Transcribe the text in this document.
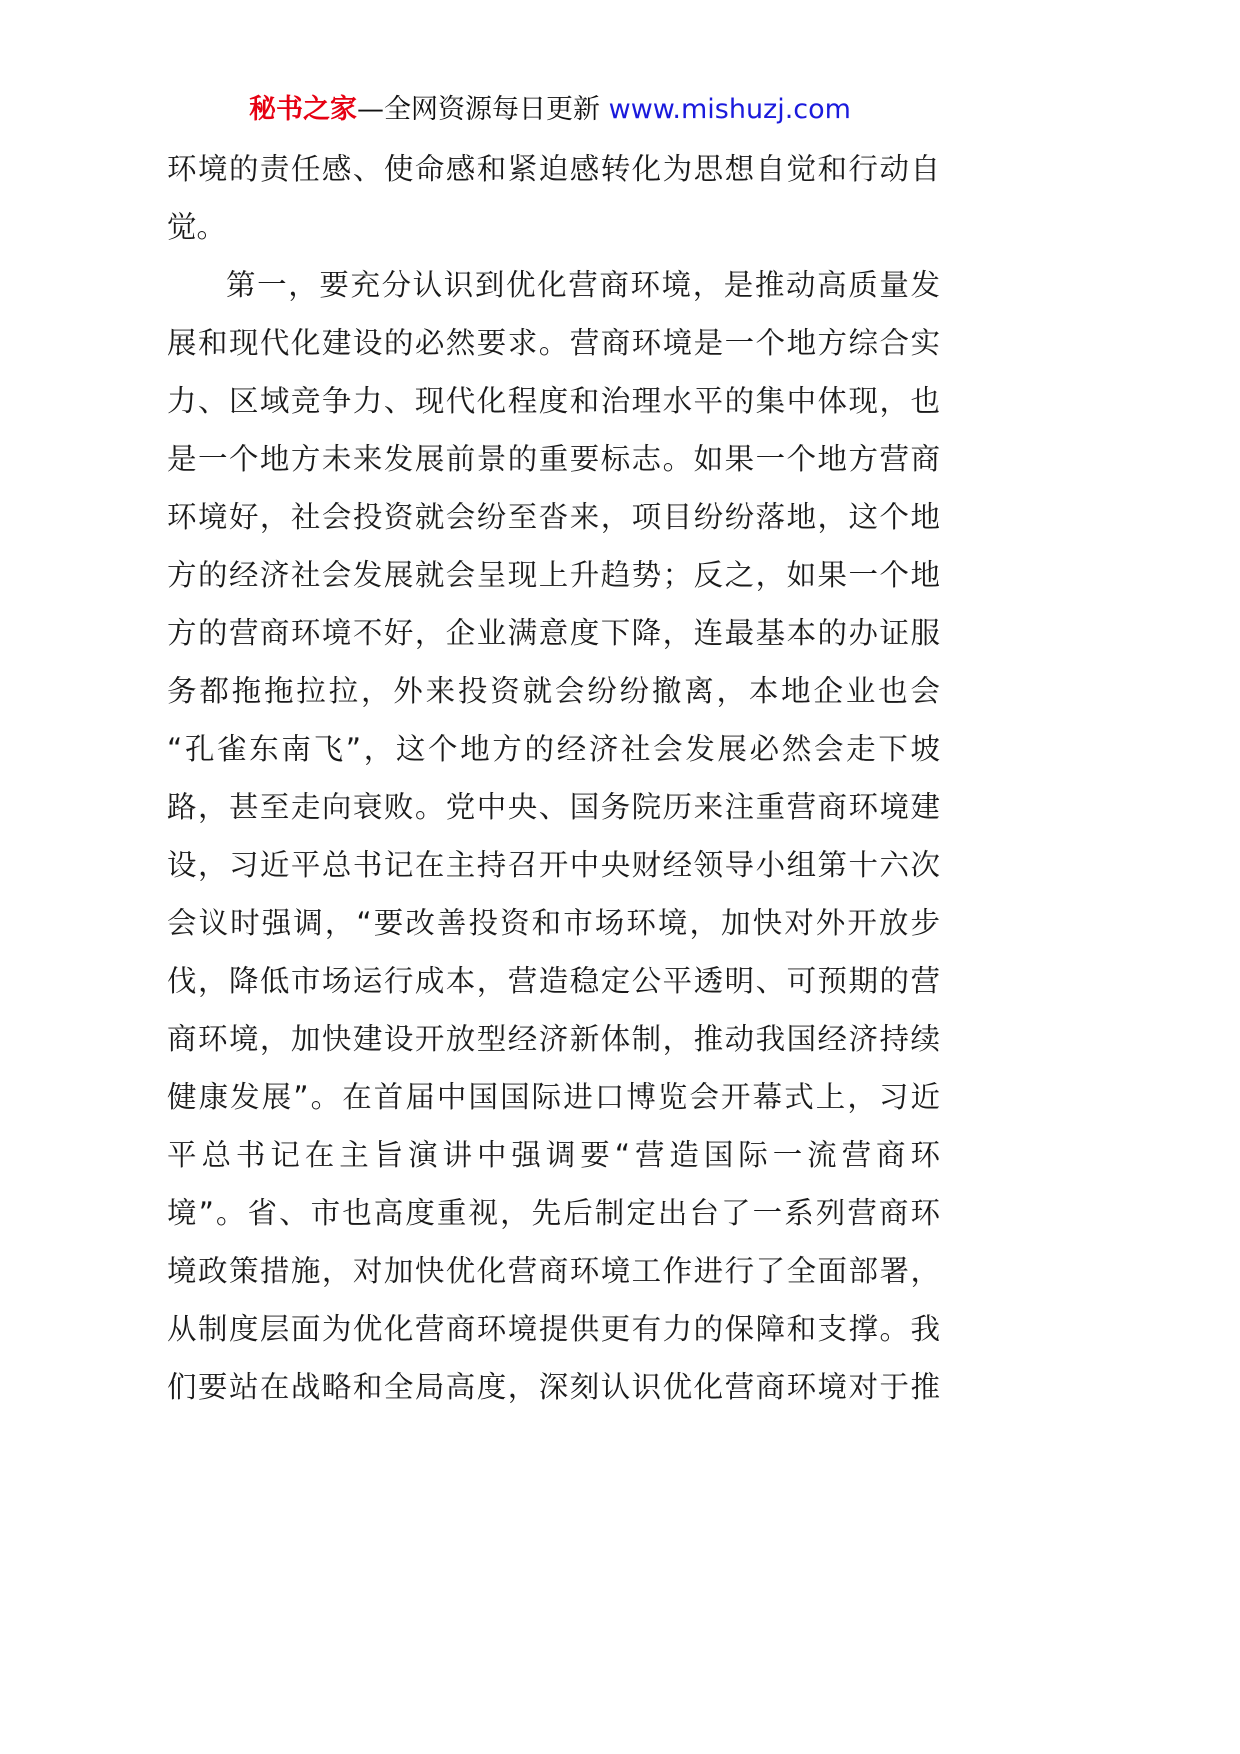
秘书之家—全网资源每日更新 www.mishuzj.com
环境的责任感、使命感和紧迫感转化为思想自觉和行动自
觉。
第一，要充分认识到优化营商环境，是推动高质量发
展和现代化建设的必然要求。营商环境是一个地方综合实
力、区域竞争力、现代化程度和治理水平的集中体现，也
是一个地方未来发展前景的重要标志。如果一个地方营商
环境好，社会投资就会纷至沓来，项目纷纷落地，这个地
方的经济社会发展就会呈现上升趋势；反之，如果一个地
方的营商环境不好，企业满意度下降，连最基本的办证服
务都拖拖拉拉，外来投资就会纷纷撤离，本地企业也会
“孔雀东南飞”，这个地方的经济社会发展必然会走下坡
路，甚至走向衰败。党中央、国务院历来注重营商环境建
设，习近平总书记在主持召开中央财经领导小组第十六次
会议时强调，“要改善投资和市场环境，加快对外开放步
伐，降低市场运行成本，营造稳定公平透明、可预期的营
商环境，加快建设开放型经济新体制，推动我国经济持续
健康发展”。在首届中国国际进口博览会开幕式上，习近
平总书记在主旨演讲中强调要“营造国际一流营商环
境”。省、市也高度重视，先后制定出台了一系列营商环
境政策措施，对加快优化营商环境工作进行了全面部署，
从制度层面为优化营商环境提供更有力的保障和支撑。我
们要站在战略和全局高度，深刻认识优化营商环境对于推
